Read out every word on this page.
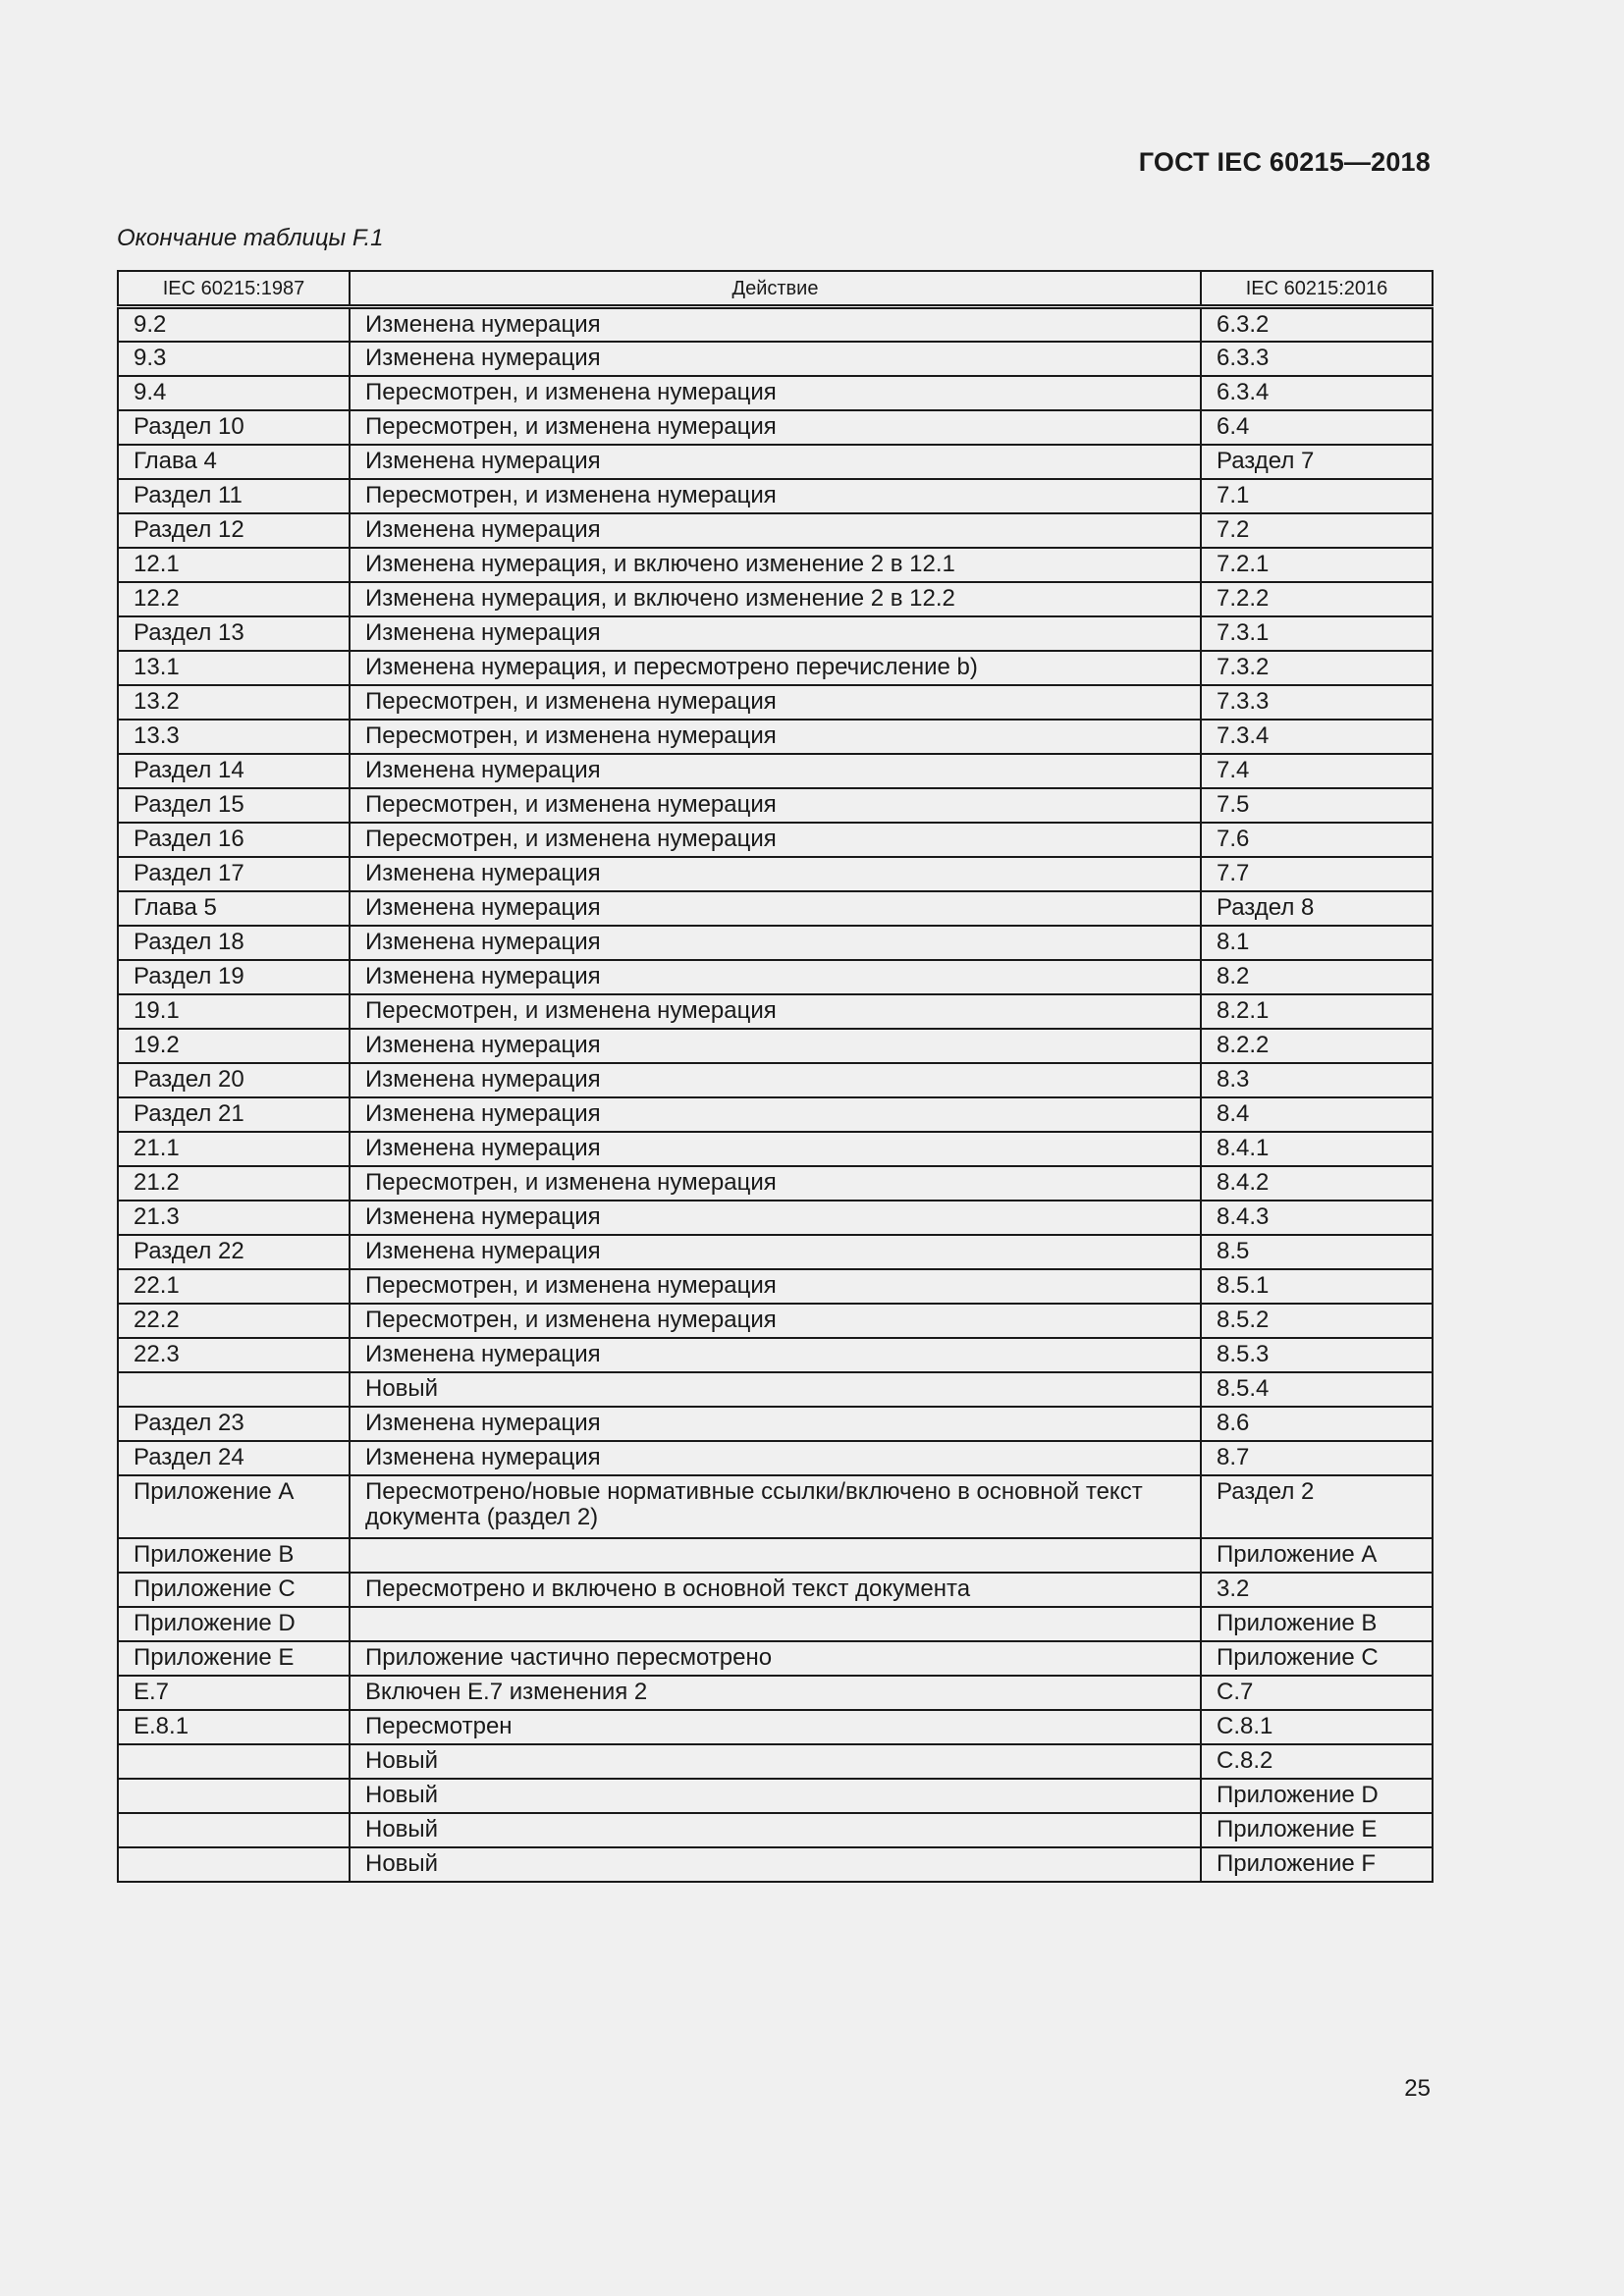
ГОСТ IEC 60215—2018
Окончание таблицы F.1
IEC 60215:1987	Действие	IEC 60215:2016
9.2	Изменена нумерация	6.3.2
9.3	Изменена нумерация	6.3.3
9.4	Пересмотрен, и изменена нумерация	6.3.4
Раздел 10	Пересмотрен, и изменена нумерация	6.4
Глава 4	Изменена нумерация	Раздел 7
Раздел 11	Пересмотрен, и изменена нумерация	7.1
Раздел 12	Изменена нумерация	7.2
12.1	Изменена нумерация, и включено изменение 2 в 12.1	7.2.1
12.2	Изменена нумерация, и включено изменение 2 в 12.2	7.2.2
Раздел 13	Изменена нумерация	7.3.1
13.1	Изменена нумерация, и пересмотрено перечисление b)	7.3.2
13.2	Пересмотрен, и изменена нумерация	7.3.3
13.3	Пересмотрен, и изменена нумерация	7.3.4
Раздел 14	Изменена нумерация	7.4
Раздел 15	Пересмотрен, и изменена нумерация	7.5
Раздел 16	Пересмотрен, и изменена нумерация	7.6
Раздел 17	Изменена нумерация	7.7
Глава 5	Изменена нумерация	Раздел 8
Раздел 18	Изменена нумерация	8.1
Раздел 19	Изменена нумерация	8.2
19.1	Пересмотрен, и изменена нумерация	8.2.1
19.2	Изменена нумерация	8.2.2
Раздел 20	Изменена нумерация	8.3
Раздел 21	Изменена нумерация	8.4
21.1	Изменена нумерация	8.4.1
21.2	Пересмотрен, и изменена нумерация	8.4.2
21.3	Изменена нумерация	8.4.3
Раздел 22	Изменена нумерация	8.5
22.1	Пересмотрен, и изменена нумерация	8.5.1
22.2	Пересмотрен, и изменена нумерация	8.5.2
22.3	Изменена нумерация	8.5.3
	Новый	8.5.4
Раздел 23	Изменена нумерация	8.6
Раздел 24	Изменена нумерация	8.7
Приложение А	Пересмотрено/новые нормативные ссылки/включено в основной текст документа (раздел 2)	Раздел 2
Приложение В		Приложение А
Приложение С	Пересмотрено и включено в основной текст документа	3.2
Приложение D		Приложение В
Приложение Е	Приложение частично пересмотрено	Приложение С
Е.7	Включен Е.7 изменения 2	С.7
Е.8.1	Пересмотрен	С.8.1
	Новый	С.8.2
	Новый	Приложение D
	Новый	Приложение Е
	Новый	Приложение F
25
